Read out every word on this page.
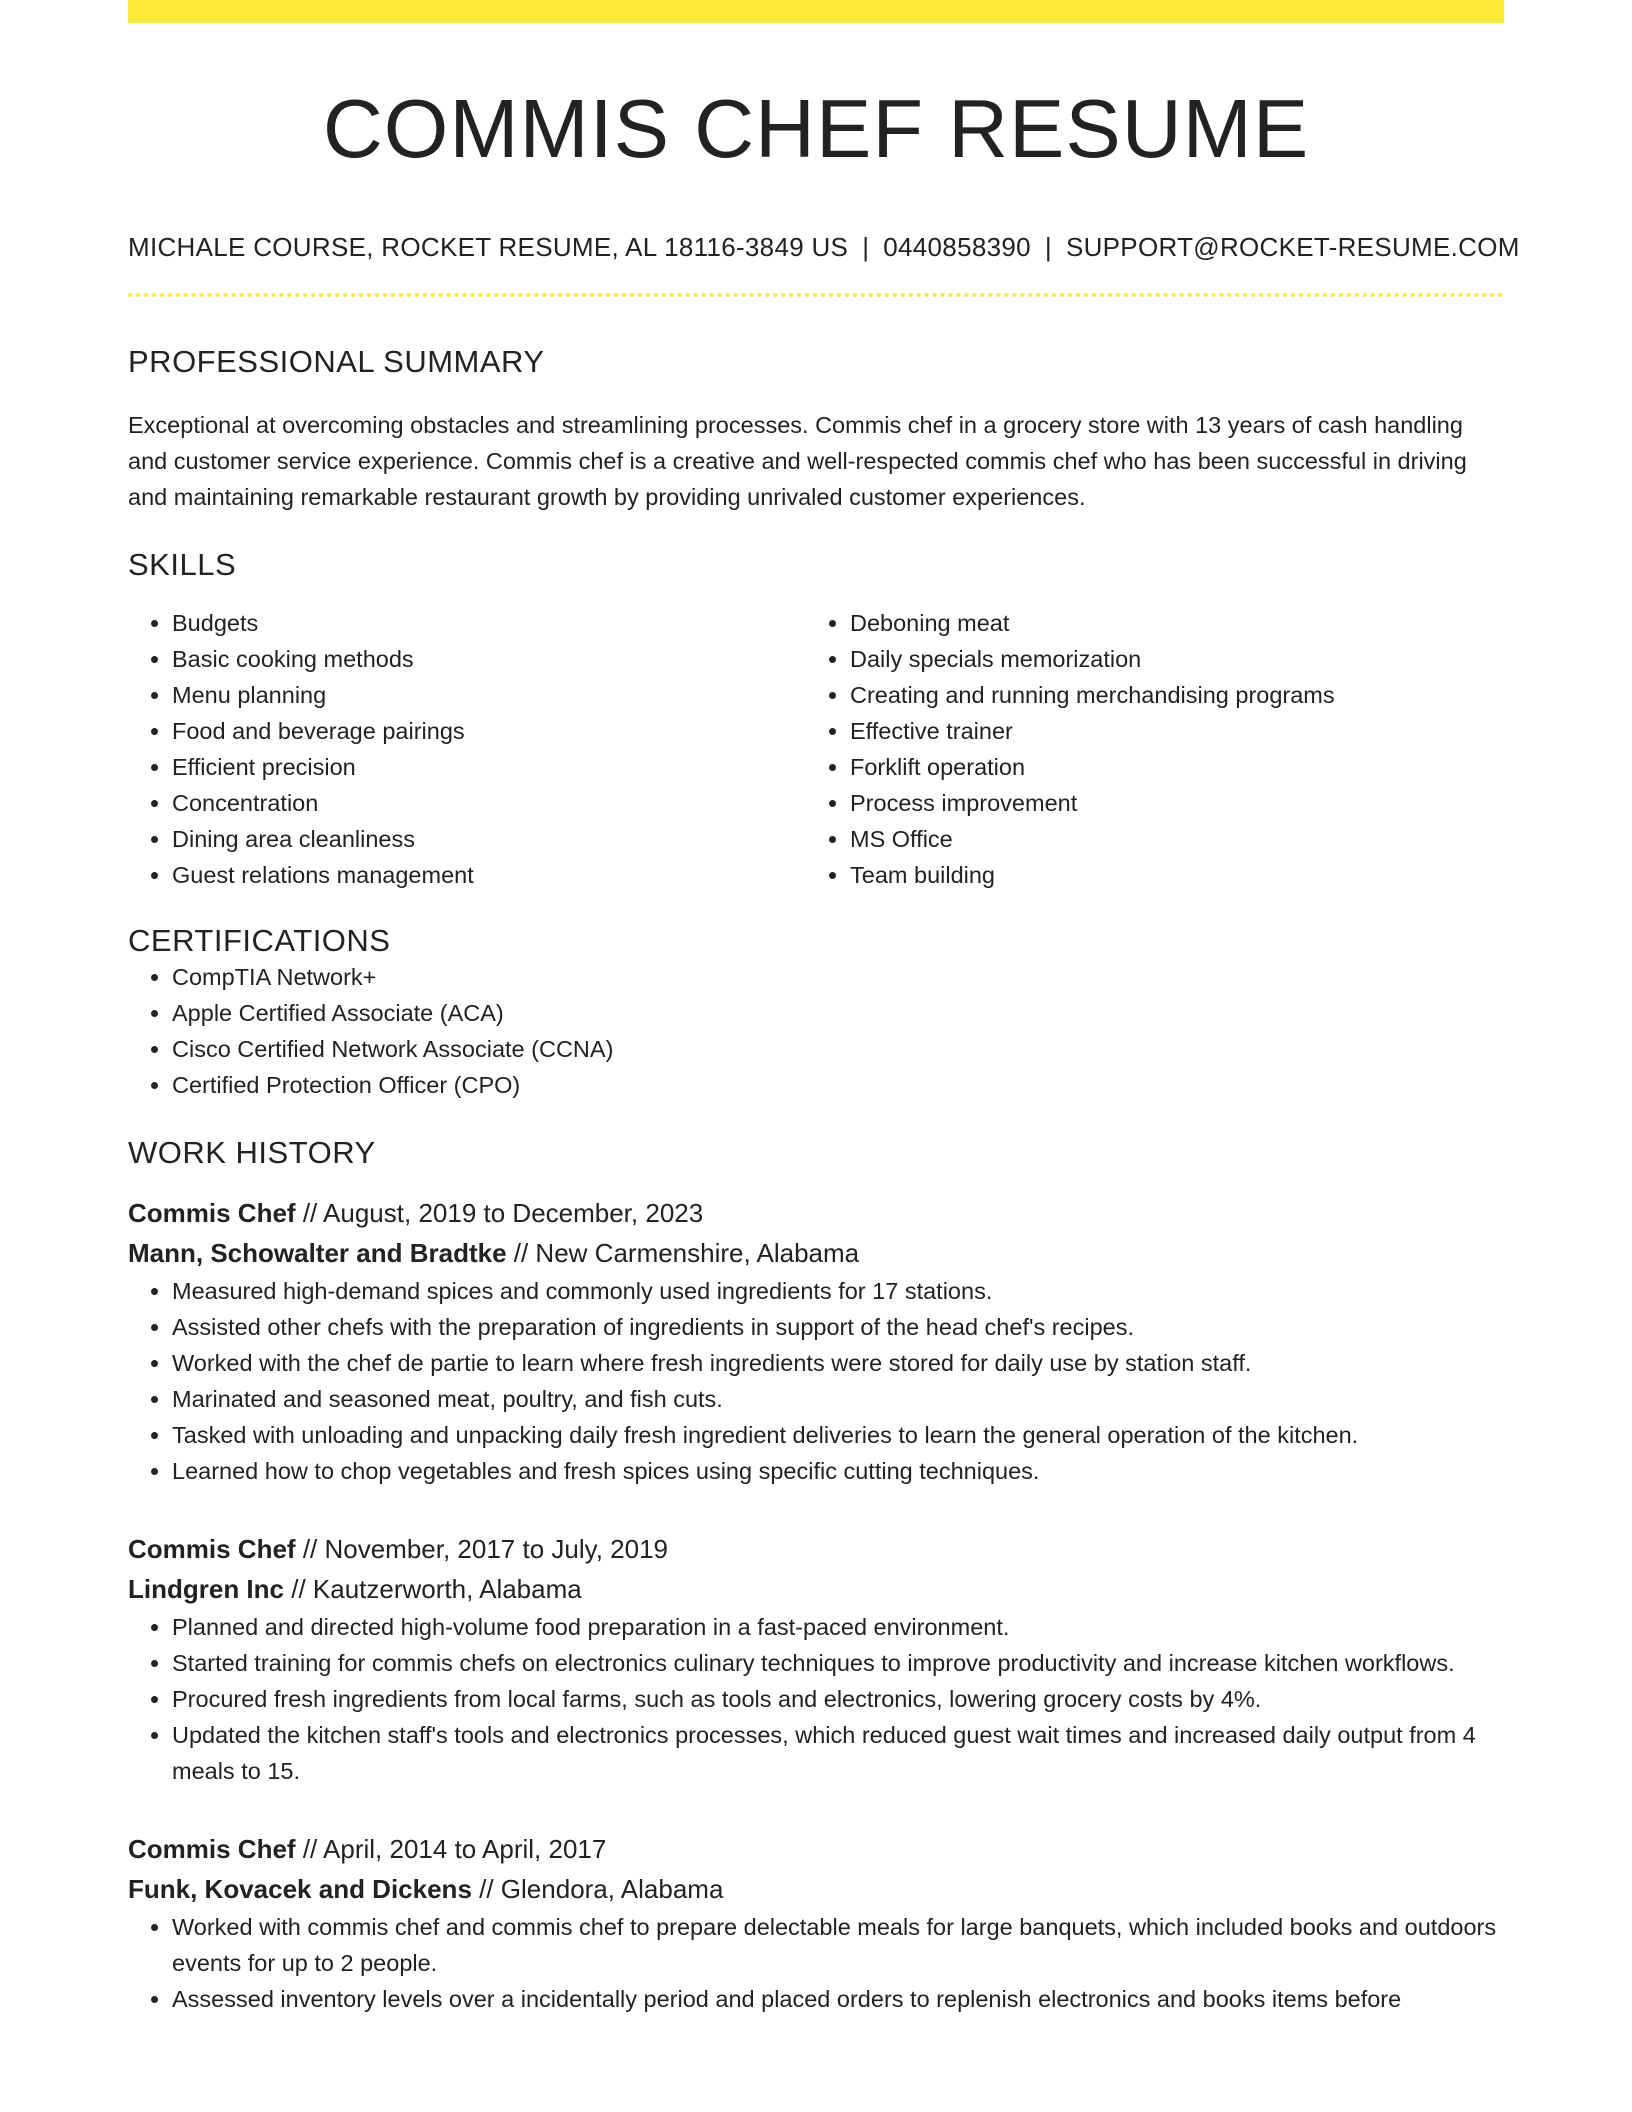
COMMIS CHEF RESUME
MICHALE COURSE, ROCKET RESUME, AL 18116-3849 US | 0440858390 | SUPPORT@ROCKET-RESUME.COM
PROFESSIONAL SUMMARY

Exceptional at overcoming obstacles and streamlining processes. Commis chef in a grocery store with 13 years of cash handling and customer service experience. Commis chef is a creative and well-respected commis chef who has been successful in driving and maintaining remarkable restaurant growth by providing unrivaled customer experiences.

SKILLS
• Budgets
• Basic cooking methods
• Menu planning
• Food and beverage pairings
• Efficient precision
• Concentration
• Dining area cleanliness
• Guest relations management
• Deboning meat
• Daily specials memorization
• Creating and running merchandising programs
• Effective trainer
• Forklift operation
• Process improvement
• MS Office
• Team building
CERTIFICATIONS
• CompTIA Network+
• Apple Certified Associate (ACA)
• Cisco Certified Network Associate (CCNA)
• Certified Protection Officer (CPO)
WORK HISTORY
Commis Chef // August, 2019 to December, 2023
Mann, Schowalter and Bradtke // New Carmenshire, Alabama
• Measured high-demand spices and commonly used ingredients for 17 stations.
• Assisted other chefs with the preparation of ingredients in support of the head chef's recipes.
• Worked with the chef de partie to learn where fresh ingredients were stored for daily use by station staff.
• Marinated and seasoned meat, poultry, and fish cuts.
• Tasked with unloading and unpacking daily fresh ingredient deliveries to learn the general operation of the kitchen.
• Learned how to chop vegetables and fresh spices using specific cutting techniques.
Commis Chef // November, 2017 to July, 2019
Lindgren Inc // Kautzerworth, Alabama
• Planned and directed high-volume food preparation in a fast-paced environment.
• Started training for commis chefs on electronics culinary techniques to improve productivity and increase kitchen workflows.
• Procured fresh ingredients from local farms, such as tools and electronics, lowering grocery costs by 4%.
• Updated the kitchen staff's tools and electronics processes, which reduced guest wait times and increased daily output from 4 meals to 15.
Commis Chef // April, 2014 to April, 2017
Funk, Kovacek and Dickens // Glendora, Alabama
• Worked with commis chef and commis chef to prepare delectable meals for large banquets, which included books and outdoors events for up to 2 people.
• Assessed inventory levels over a incidentally period and placed orders to replenish electronics and books items before
